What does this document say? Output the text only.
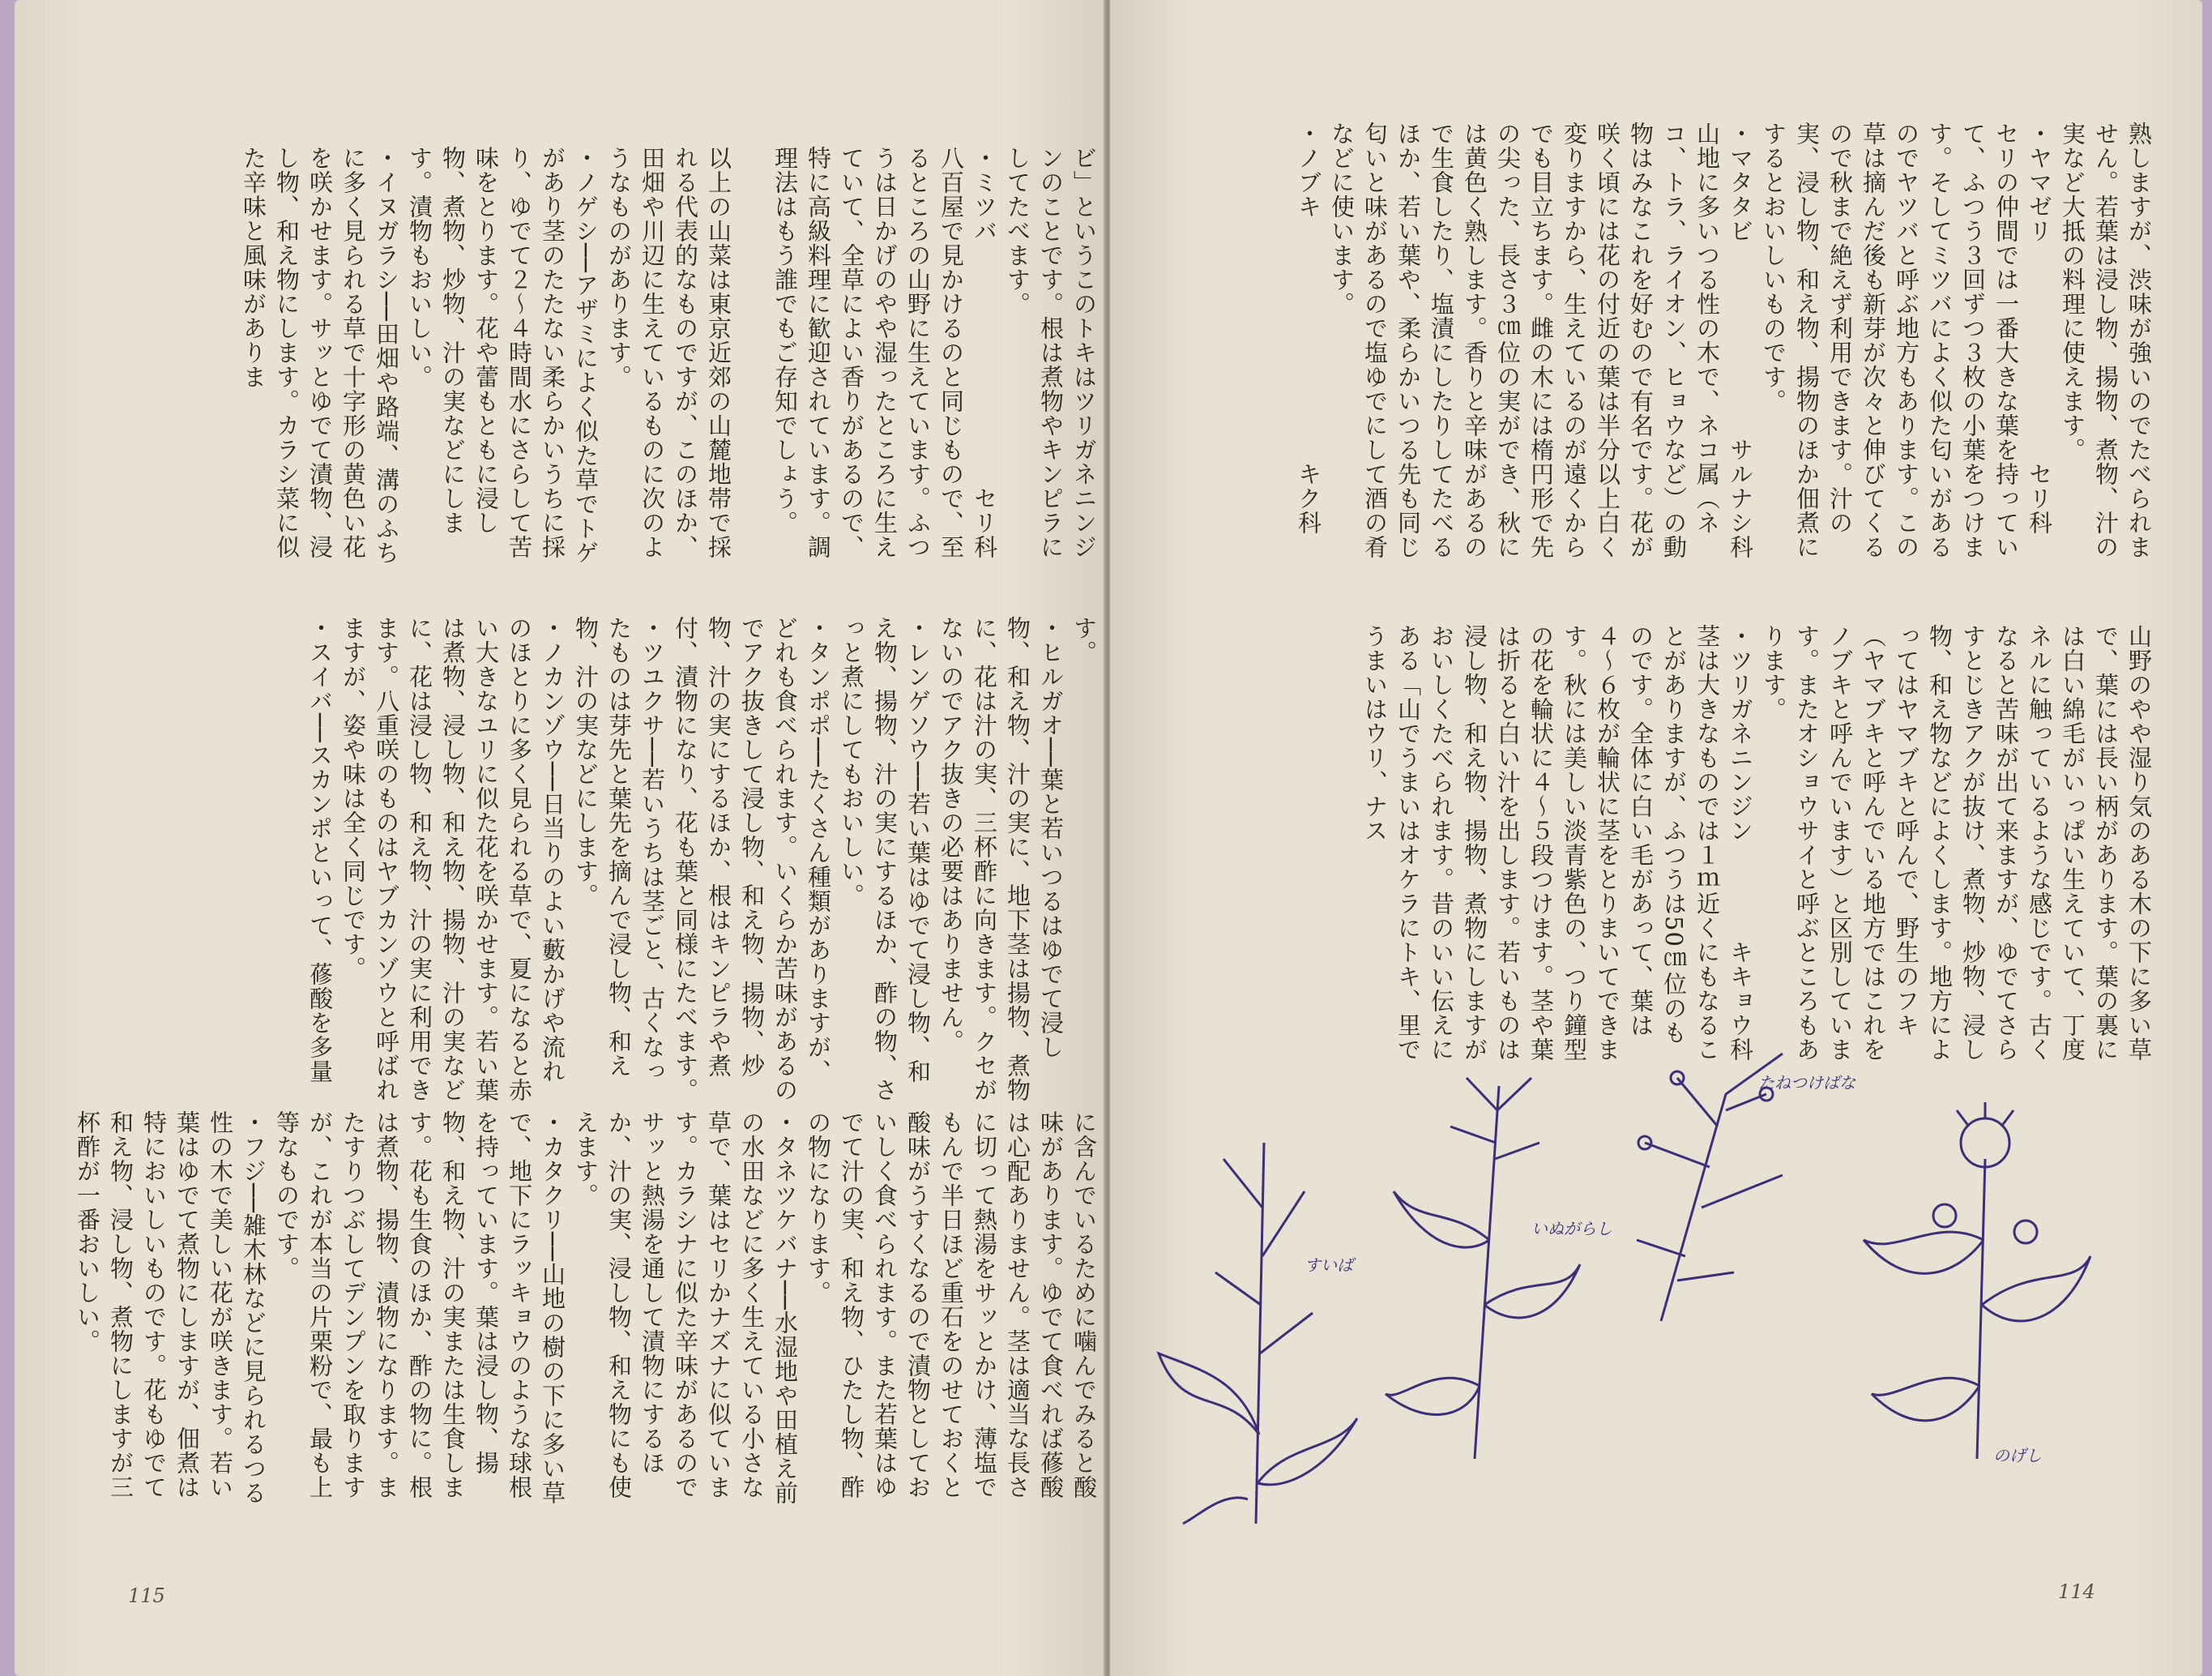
ビ」というこのトキはツリガネニンジンのことです。根は煮物やキンピラにしてたべます。
・ミツバ　　　　　　　　　　セリ科
八百屋で見かけるのと同じもので、至るところの山野に生えています。ふつうは日かげのやや湿ったところに生えていて、全草によい香りがあるので、特に高級料理に歓迎されています。調理法はもう誰でもご存知でしょう。

以上の山菜は東京近郊の山麓地帯で採れる代表的なものですが、このほか、田畑や川辺に生えているものに次のようなものがあります。
・ノゲシ──アザミによく似た草でトゲがあり茎のたたない柔らかいうちに採り、ゆでて２〜４時間水にさらして苦味をとります。花や蕾もともに浸し物、煮物、炒物、汁の実などにします。漬物もおいしい。
・イヌガラシ──田畑や路端、溝のふちに多く見られる草で十字形の黄色い花を咲かせます。サッとゆでて漬物、浸し物、和え物にします。カラシ菜に似た辛味と風味がありま
す。
・ヒルガオ──葉と若いつるはゆでて浸し物、和え物、汁の実に、地下茎は揚物、煮物に、花は汁の実、三杯酢に向きます。クセがないのでアク抜きの必要はありません。
・レンゲソウ──若い葉はゆでて浸し物、和え物、揚物、汁の実にするほか、酢の物、さっと煮にしてもおいしい。
・タンポポ──たくさん種類がありますが、どれも食べられます。いくらか苦味があるのでアク抜きして浸し物、和え物、揚物、炒物、汁の実にするほか、根はキンピラや煮付、漬物になり、花も葉と同様にたべます。
・ツユクサ──若いうちは茎ごと、古くなったものは芽先と葉先を摘んで浸し物、和え物、汁の実などにします。
・ノカンゾウ──日当りのよい藪かげや流れのほとりに多く見られる草で、夏になると赤い大きなユリに似た花を咲かせます。若い葉は煮物、浸し物、和え物、揚物、汁の実などに、花は浸し物、和え物、汁の実に利用できます。八重咲のものはヤブカンゾウと呼ばれますが、姿や味は全く同じです。
・スイバ──スカンポといって、蓚酸を多量
に含んでいるために噛んでみると酸味があります。ゆでて食べれば蓚酸は心配ありません。茎は適当な長さに切って熱湯をサッとかけ、薄塩でもんで半日ほど重石をのせておくと酸味がうすくなるので漬物としておいしく食べられます。また若葉はゆでて汁の実、和え物、ひたし物、酢の物になります。
・タネツケバナ──水湿地や田植え前の水田などに多く生えている小さな草で、葉はセリかナズナに似ています。カラシナに似た辛味があるのでサッと熱湯を通して漬物にするほか、汁の実、浸し物、和え物にも使えます。
・カタクリ──山地の樹の下に多い草で、地下にラッキョウのような球根を持っています。葉は浸し物、揚物、和え物、汁の実または生食します。花も生食のほか、酢の物に。根は煮物、揚物、漬物になります。またすりつぶしてデンプンを取りますが、これが本当の片栗粉で、最も上等なものです。
・フジ──雑木林などに見られるつる性の木で美しい花が咲きます。若い葉はゆでて煮物にしますが、佃煮は特においしいものです。花もゆでて和え物、浸し物、煮物にしますが三杯酢が一番おいしい。
115
熟しますが、渋味が強いのでたべられません。若葉は浸し物、揚物、煮物、汁の実など大抵の料理に使えます。
・ヤマゼリ　　　　　　　　　セリ科
セリの仲間では一番大きな葉を持っていて、ふつう３回ずつ３枚の小葉をつけます。そしてミツバによく似た匂いがあるのでヤツバと呼ぶ地方もあります。この草は摘んだ後も新芽が次々と伸びてくるので秋まで絶えず利用できます。汁の実、浸し物、和え物、揚物のほか佃煮にするとおいしいものです。
・マタタビ　　　　　　　　サルナシ科
山地に多いつる性の木で、ネコ属（ネコ、トラ、ライオン、ヒョウなど）の動物はみなこれを好むので有名です。花が咲く頃には花の付近の葉は半分以上白く変りますから、生えているのが遠くからでも目立ちます。雌の木には楕円形で先の尖った、長さ３㎝位の実ができ、秋には黄色く熟します。香りと辛味があるので生食したり、塩漬にしたりしてたべるほか、若い葉や、柔らかいつる先も同じ匂いと味があるので塩ゆでにして酒の肴などに使います。
・ノブキ　　　　　　　　　　キク科
山野のやや湿り気のある木の下に多い草で、葉には長い柄があります。葉の裏には白い綿毛がいっぱい生えていて、丁度ネルに触っているような感じです。古くなると苦味が出て来ますが、ゆでてさらすとじきアクが抜け、煮物、炒物、浸し物、和え物などによくします。地方によってはヤマブキと呼んで、野生のフキ（ヤマブキと呼んでいる地方ではこれをノブキと呼んでいます）と区別しています。またオショウサイと呼ぶところもあります。
・ツリガネニンジン　　　　キキョウ科
茎は大きなものでは１ｍ近くにもなることがありますが、ふつうは50㎝位のものです。全体に白い毛があって、葉は４〜６枚が輪状に茎をとりまいてできます。秋には美しい淡青紫色の、つり鐘型の花を輪状に４〜５段つけます。茎や葉は折ると白い汁を出します。若いものは浸し物、和え物、揚物、煮物にしますがおいしくたべられます。昔のいい伝えにある「山でうまいはオケラにトキ、里でうまいはウリ、ナス
すいば
いぬがらし
たねつけばな
のげし
114
